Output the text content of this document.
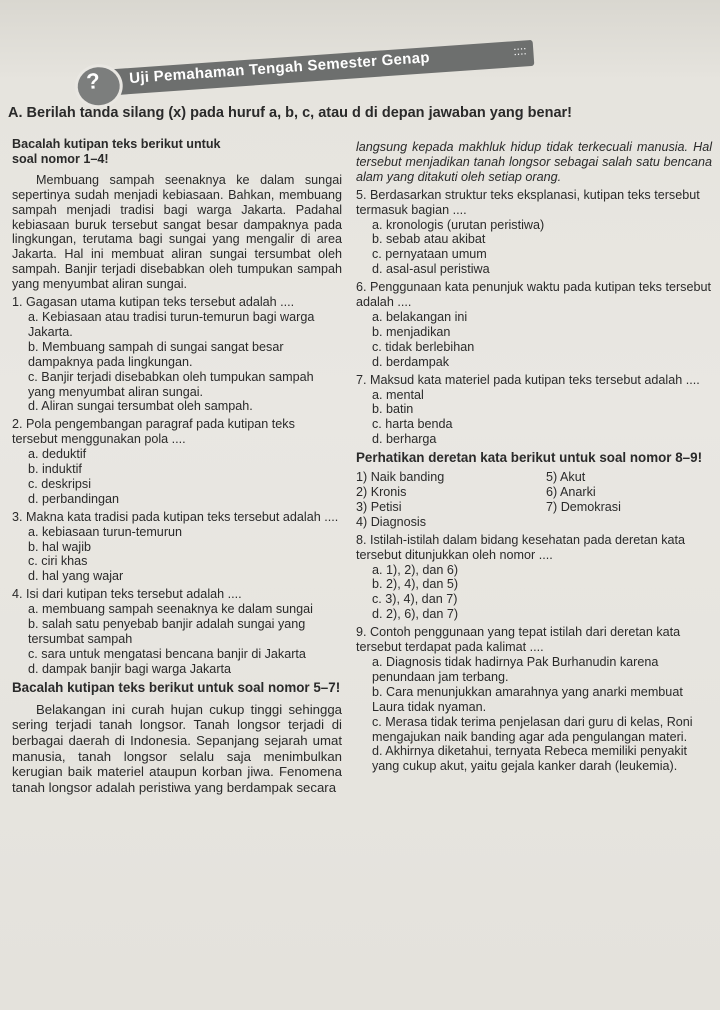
? Uji Pemahaman Tengah Semester Genap	::::
A. Berilah tanda silang (x) pada huruf a, b, c, atau d di depan jawaban yang benar!

Bacalah kutipan teks berikut untuk soal nomor 1–4!

Membuang sampah seenaknya ke dalam sungai sepertinya sudah menjadi kebiasaan. Bahkan, membuang sampah menjadi tradisi bagi warga Jakarta. Padahal kebiasaan buruk tersebut sangat besar dampaknya pada lingkungan, terutama bagi sungai yang mengalir di area Jakarta. Hal ini membuat aliran sungai tersumbat oleh sampah. Banjir terjadi disebabkan oleh tumpukan sampah yang menyumbat aliran sungai.

1. Gagasan utama kutipan teks tersebut adalah ....

a. Kebiasaan atau tradisi turun-temurun bagi warga Jakarta.

b. Membuang sampah di sungai sangat besar dampaknya pada lingkungan.

c. Banjir terjadi disebabkan oleh tumpukan sampah yang menyumbat aliran sungai.

d. Aliran sungai tersumbat oleh sampah.

2. Pola pengembangan paragraf pada kutipan teks tersebut menggunakan pola ....

a. deduktif

b. induktif

c. deskripsi

d. perbandingan

3. Makna kata tradisi pada kutipan teks tersebut adalah ....

a. kebiasaan turun-temurun

b. hal wajib

c. ciri khas

d. hal yang wajar

4. Isi dari kutipan teks tersebut adalah ....

a. membuang sampah seenaknya ke dalam sungai

b. salah satu penyebab banjir adalah sungai yang tersumbat sampah

c. sara untuk mengatasi bencana banjir di Jakarta

d. dampak banjir bagi warga Jakarta

Bacalah kutipan teks berikut untuk soal nomor 5–7!

Belakangan ini curah hujan cukup tinggi sehingga sering terjadi tanah longsor. Tanah longsor terjadi di berbagai daerah di Indonesia. Sepanjang sejarah umat manusia, tanah longsor selalu saja menimbulkan kerugian baik materiel ataupun korban jiwa. Fenomena tanah longsor adalah peristiwa yang berdampak secara

langsung kepada makhluk hidup tidak terkecuali manusia. Hal tersebut menjadikan tanah longsor sebagai salah satu bencana alam yang ditakuti oleh setiap orang.

5. Berdasarkan struktur teks eksplanasi, kutipan teks tersebut termasuk bagian ....

a. kronologis (urutan peristiwa)

b. sebab atau akibat

c. pernyataan umum

d. asal-asul peristiwa

6. Penggunaan kata penunjuk waktu pada kutipan teks tersebut adalah ....

a. belakangan ini

b. menjadikan

c. tidak berlebihan

d. berdampak

7. Maksud kata materiel pada kutipan teks tersebut adalah ....

a. mental

b. batin

c. harta benda

d. berharga

Perhatikan deretan kata berikut untuk soal nomor 8–9!

1) Naik banding

2) Kronis

3) Petisi

4) Diagnosis

5) Akut

6) Anarki

7) Demokrasi

8. Istilah-istilah dalam bidang kesehatan pada deretan kata tersebut ditunjukkan oleh nomor ....

a. 1), 2), dan 6)

b. 2), 4), dan 5)

c. 3), 4), dan 7)

d. 2), 6), dan 7)

9. Contoh penggunaan yang tepat istilah dari deretan kata tersebut terdapat pada kalimat ....

a. Diagnosis tidak hadirnya Pak Burhanudin karena penundaan jam terbang.

b. Cara menunjukkan amarahnya yang anarki membuat Laura tidak nyaman.

c. Merasa tidak terima penjelasan dari guru di kelas, Roni mengajukan naik banding agar ada pengulangan materi.

d. Akhirnya diketahui, ternyata Rebeca memiliki penyakit yang cukup akut, yaitu gejala kanker darah (leukemia).
